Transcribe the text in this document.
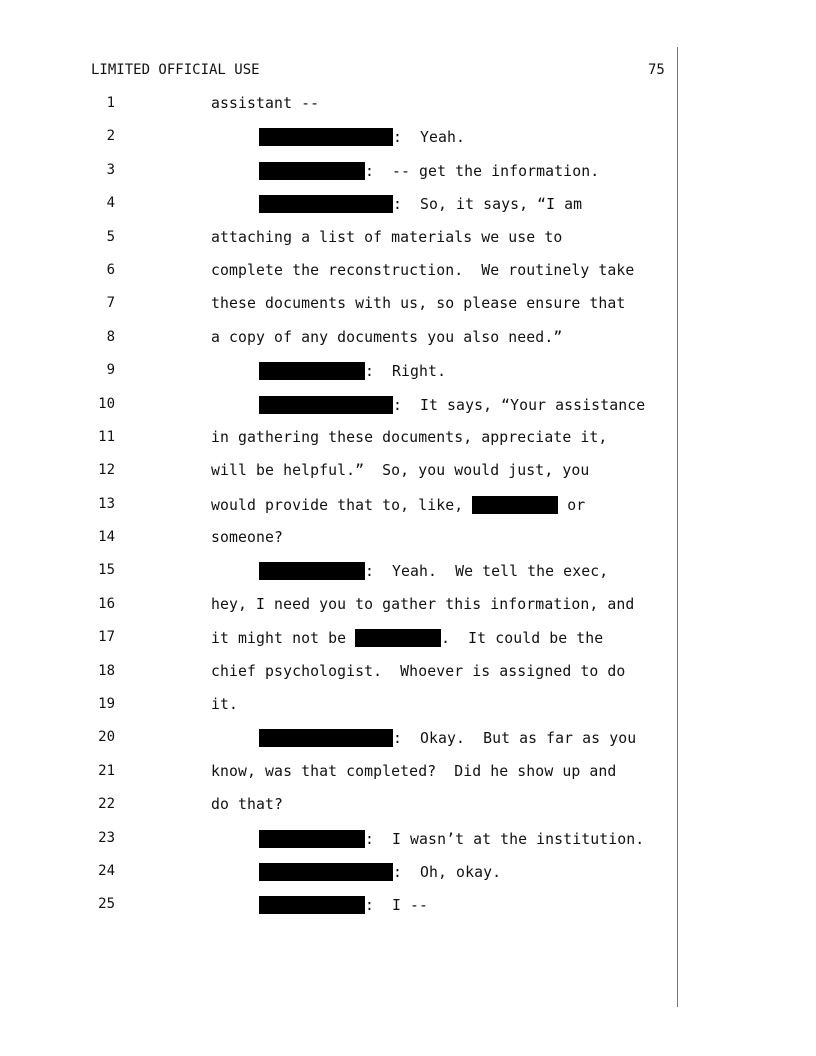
LIMITED OFFICIAL USE	75
1	assistant --
2	:  Yeah.
3	:  -- get the information.
4	:  So, it says, “I am
5	attaching a list of materials we use to
6	complete the reconstruction.  We routinely take
7	these documents with us, so please ensure that
8	a copy of any documents you also need.”
9	:  Right.
10	:  It says, “Your assistance
11	in gathering these documents, appreciate it,
12	will be helpful.”  So, you would just, you
13	would provide that to, like,	or
14	someone?
15	:  Yeah.  We tell the exec,
16	hey, I need you to gather this information, and
17	it might not be	.  It could be the
18	chief psychologist.  Whoever is assigned to do
19	it.
20	:  Okay.  But as far as you
21	know, was that completed?  Did he show up and
22	do that?
23	:  I wasn’t at the institution.
24	:  Oh, okay.
25	:  I --
